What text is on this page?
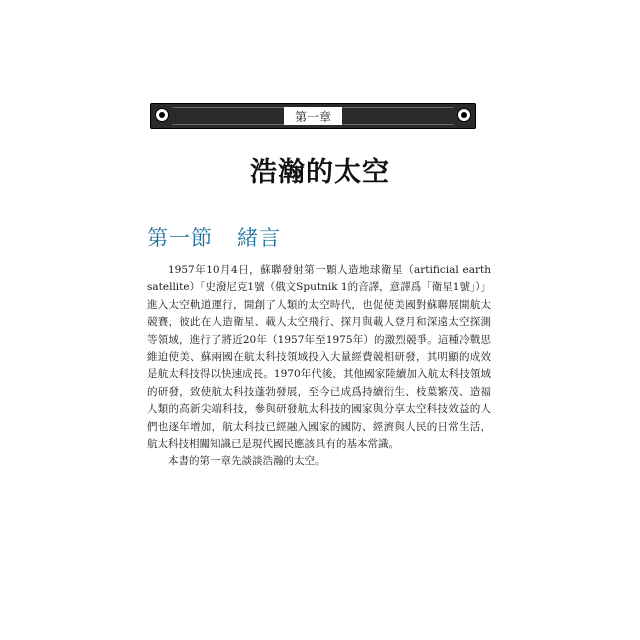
第一章
浩瀚的太空
第一節 緒言

1957年10月4日，蘇聯發射第一顆人造地球衛星（artificial earth satellite）「史潑尼克1號（俄文Sputnik 1的音譯，意譯爲「衛星1號」）」進入太空軌道運行，開創了人類的太空時代，也促使美國對蘇聯展開航太競賽，彼此在人造衛星、載人太空飛行、探月與載人登月和深遠太空探測等領域，進行了將近20年（1957年至1975年）的激烈競爭。這種冷戰思維迫使美、蘇兩國在航太科技領域投入大量經費競相研發，其明顯的成效是航太科技得以快速成長。1970年代後，其他國家陸續加入航太科技領域的研發，致使航太科技蓬勃發展，至今已成爲持續衍生、枝葉繁茂、造福人類的高新尖端科技，參與研發航太科技的國家與分享太空科技效益的人們也逐年增加，航太科技已經融入國家的國防、經濟與人民的日常生活，航太科技相關知識已是現代國民應該具有的基本常識。

本書的第一章先談談浩瀚的太空。
